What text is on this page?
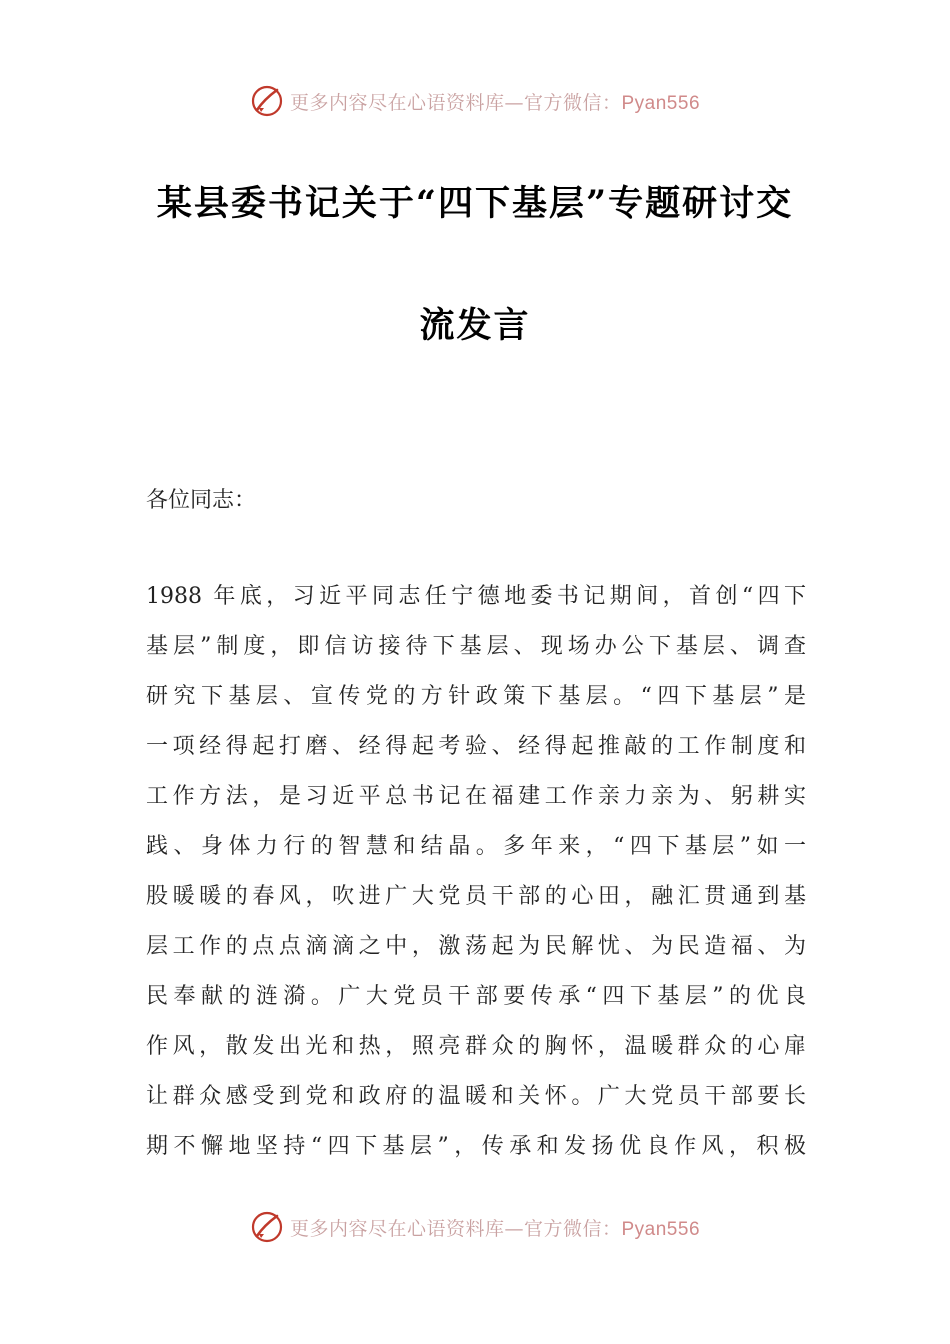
更多内容尽在心语资料库—官方微信：Pyan556
某县委书记关于“四下基层”专题研讨交
流发言
各位同志：
1988 年底，习近平同志任宁德地委书记期间，首创“四下
基层”制度，即信访接待下基层、现场办公下基层、调查
研究下基层、宣传党的方针政策下基层。“四下基层”是
一项经得起打磨、经得起考验、经得起推敲的工作制度和
工作方法，是习近平总书记在福建工作亲力亲为、躬耕实
践、身体力行的智慧和结晶。多年来，“四下基层”如一
股暖暖的春风，吹进广大党员干部的心田，融汇贯通到基
层工作的点点滴滴之中，激荡起为民解忧、为民造福、为
民奉献的涟漪。广大党员干部要传承“四下基层”的优良
作风，散发出光和热，照亮群众的胸怀，温暖群众的心扉
让群众感受到党和政府的温暖和关怀。广大党员干部要长
期不懈地坚持“四下基层”，传承和发扬优良作风，积极
更多内容尽在心语资料库—官方微信：Pyan556
